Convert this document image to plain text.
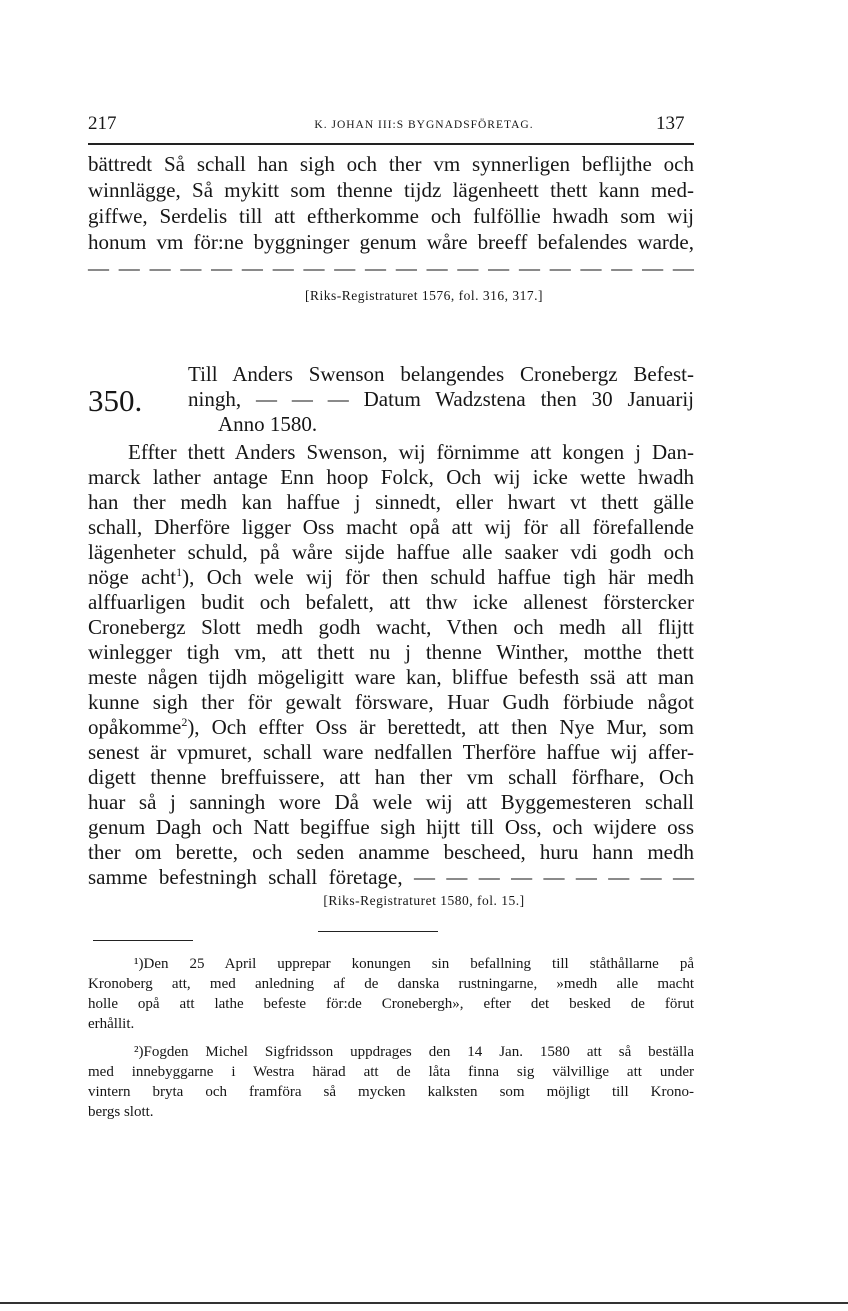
217	K. JOHAN III:S BYGNADSFÖRETAG.	137
bättredt Så schall han sigh och ther vm synnerligen beflijthe och
winnlägge, Så mykitt som thenne tijdz lägenheett thett kann med-
giffwe, Serdelis till att eftherkomme och fulföllie hwadh som wij
honum vm för:ne byggninger genum wåre breeff befalendes warde,
— — — — — — — — — — — — — — — — — — — —
[Riks-Registraturet 1576, fol. 316, 317.]
350.
Till Anders Swenson belangendes Cronebergz Befest-
ningh, — — — Datum Wadzstena then 30 Januarij
Anno 1580.
Effter thett Anders Swenson, wij förnimme att kongen j Dan-
marck lather antage Enn hoop Folck, Och wij icke wette hwadh
han ther medh kan haffue j sinnedt, eller hwart vt thett gälle
schall, Dherföre ligger Oss macht opå att wij för all förefallende
lägenheter schuld, på wåre sijde haffue alle saaker vdi godh och
nöge acht$^1$), Och wele wij för then schuld haffue tigh här medh
alffuarligen budit och befalett, att thw icke allenest förstercker
Cronebergz Slott medh godh wacht, Vthen och medh all flijtt
winlegger tigh vm, att thett nu j thenne Winther, motthe thett
meste någen tijdh mögeligitt ware kan, bliffue befesth ssä att man
kunne sigh ther för gewalt försware, Huar Gudh förbiude något
opåkomme$^2$), Och effter Oss är berettedt, att then Nye Mur, som
senest är vpmuret, schall ware nedfallen Therföre haffue wij affer-
digett thenne breffuissere, att han ther vm schall förfhare, Och
huar så j sanningh wore Då wele wij att Byggemesteren schall
genum Dagh och Natt begiffue sigh hijtt till Oss, och wijdere oss
ther om berette, och seden anamme bescheed, huru hann medh
samme befestningh schall företage, — — — — — — — — —
[Riks-Registraturet 1580, fol. 15.]
¹)Den 25 April upprepar konungen sin befallning till ståthållarne på
Kronoberg att, med anledning af de danska rustningarne, »medh alle macht
holle opå att lathe befeste för:de Cronebergh», efter det besked de förut
erhållit.
²)Fogden Michel Sigfridsson uppdrages den 14 Jan. 1580 att så beställa
med innebyggarne i Westra härad att de låta finna sig välvillige att under
vintern bryta och framföra så mycken kalksten som möjligt till Krono-
bergs slott.
